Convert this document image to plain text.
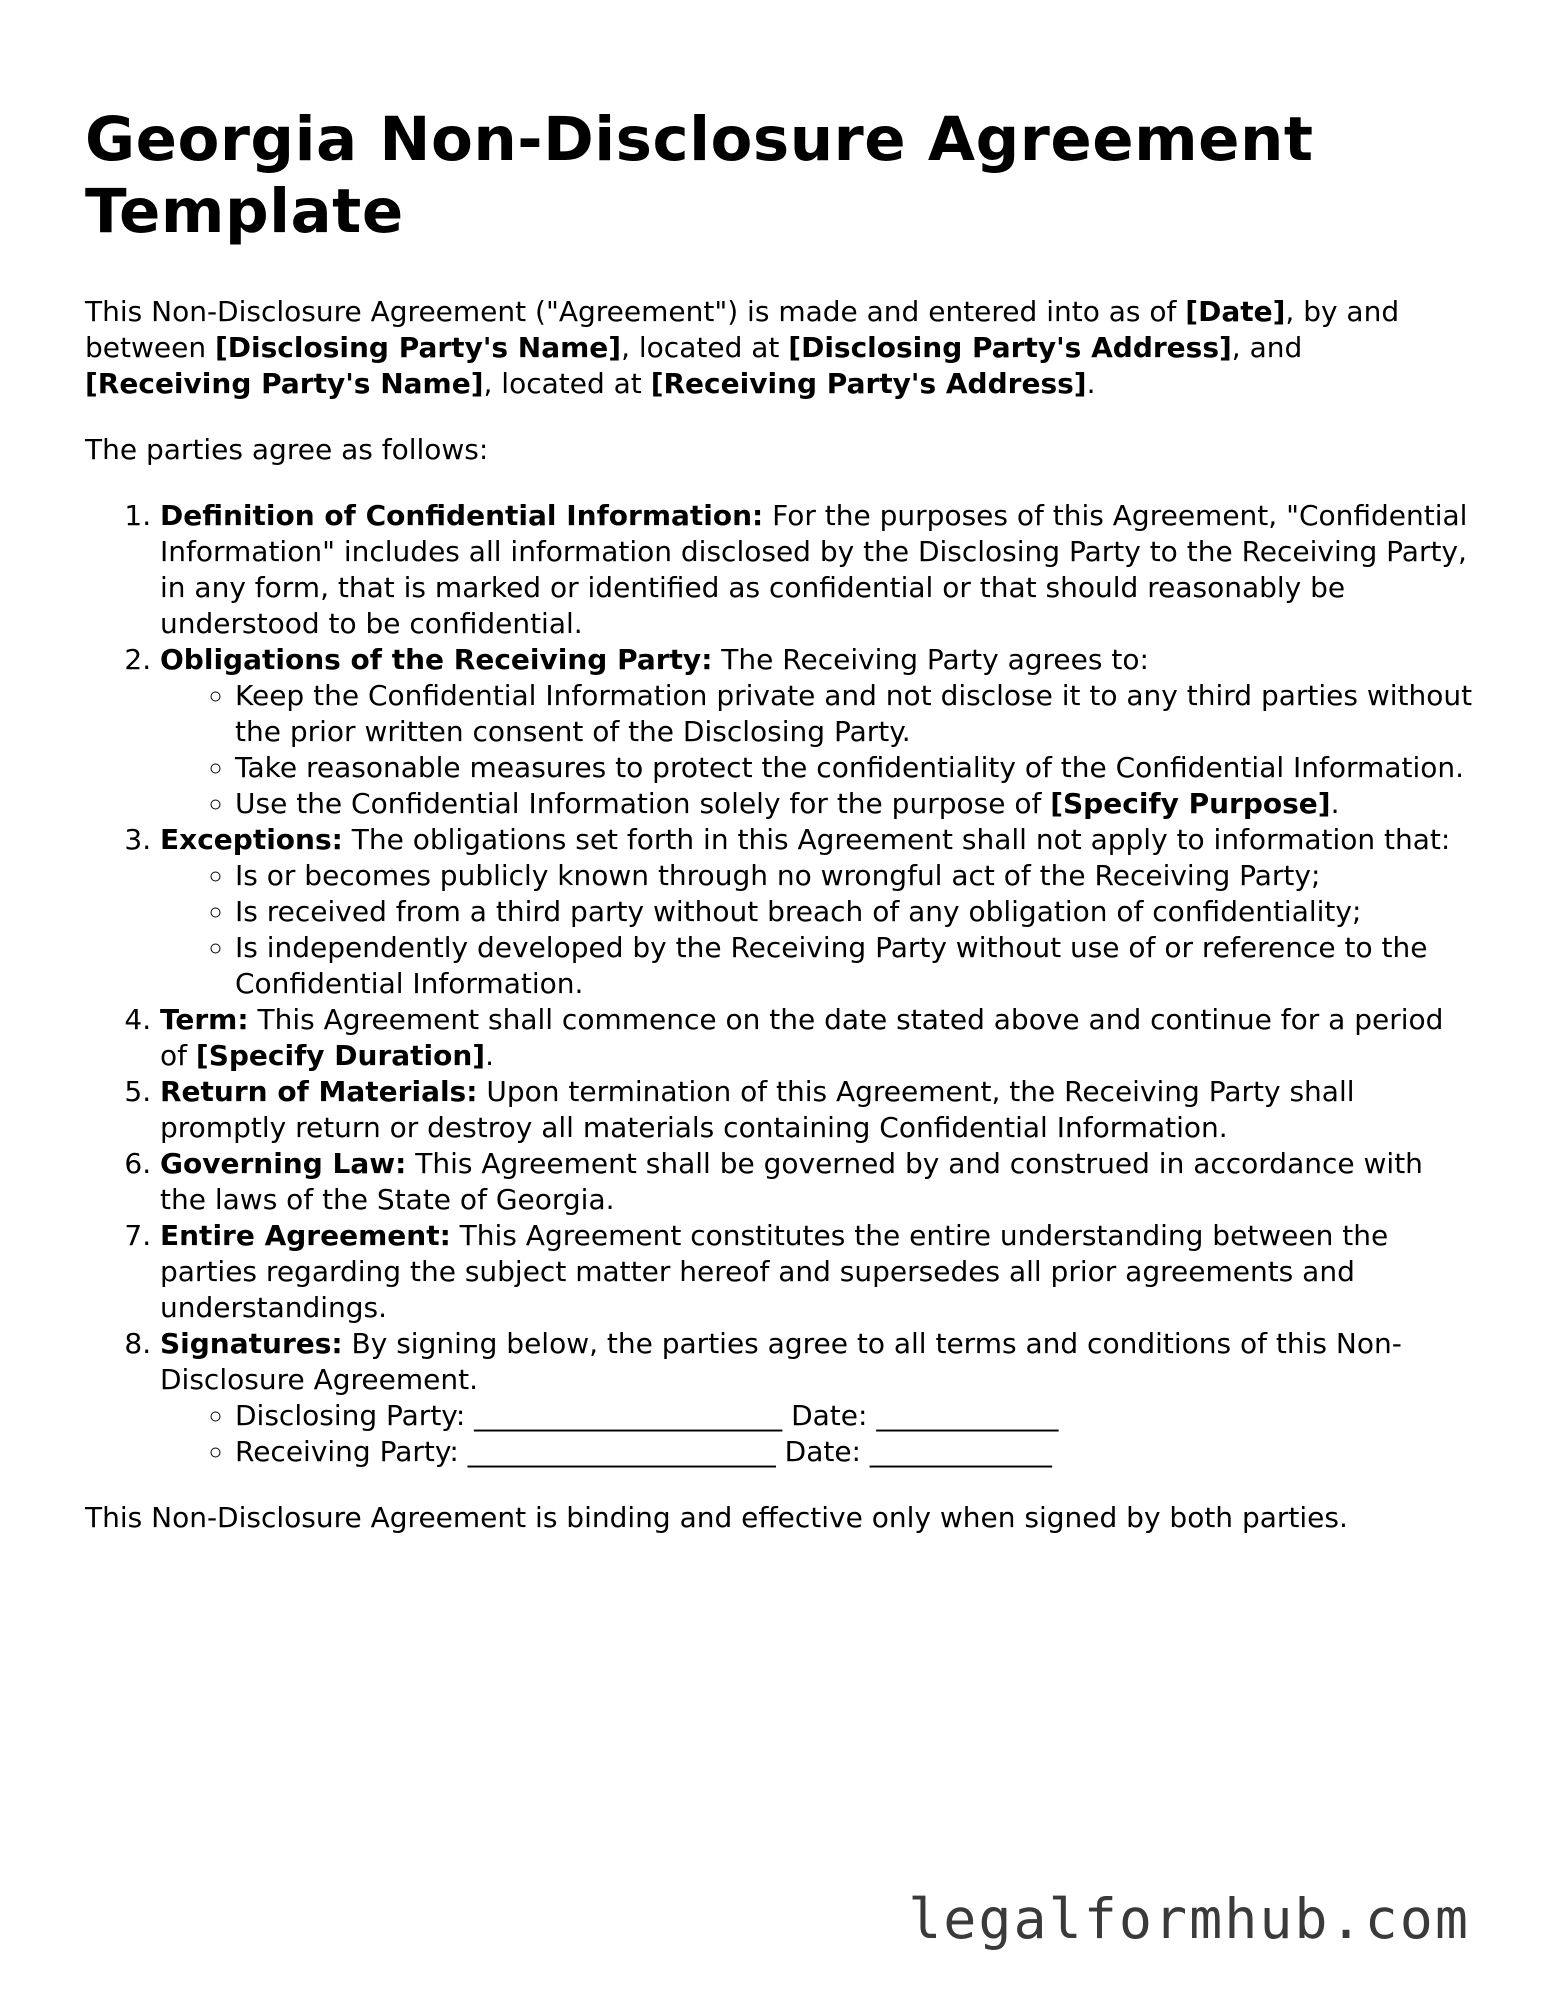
Georgia Non-Disclosure Agreement Template

This Non-Disclosure Agreement ("Agreement") is made and entered into as of [Date], by and between [Disclosing Party's Name], located at [Disclosing Party's Address], and [Receiving Party's Name], located at [Receiving Party's Address].

The parties agree as follows:

1. Definition of Confidential Information: For the purposes of this Agreement, "Confidential Information" includes all information disclosed by the Disclosing Party to the Receiving Party, in any form, that is marked or identified as confidential or that should reasonably be understood to be confidential.
2. Obligations of the Receiving Party: The Receiving Party agrees to:
◦ Keep the Confidential Information private and not disclose it to any third parties without the prior written consent of the Disclosing Party.
◦ Take reasonable measures to protect the confidentiality of the Confidential Information.
◦ Use the Confidential Information solely for the purpose of [Specify Purpose].
3. Exceptions: The obligations set forth in this Agreement shall not apply to information that:
◦ Is or becomes publicly known through no wrongful act of the Receiving Party;
◦ Is received from a third party without breach of any obligation of confidentiality;
◦ Is independently developed by the Receiving Party without use of or reference to the Confidential Information.
4. Term: This Agreement shall commence on the date stated above and continue for a period of [Specify Duration].
5. Return of Materials: Upon termination of this Agreement, the Receiving Party shall promptly return or destroy all materials containing Confidential Information.
6. Governing Law: This Agreement shall be governed by and construed in accordance with the laws of the State of Georgia.
7. Entire Agreement: This Agreement constitutes the entire understanding between the parties regarding the subject matter hereof and supersedes all prior agreements and understandings.
8. Signatures: By signing below, the parties agree to all terms and conditions of this Non-Disclosure Agreement.
◦ Disclosing Party: ______________________ Date: _____________
◦ Receiving Party: ______________________ Date: _____________

This Non-Disclosure Agreement is binding and effective only when signed by both parties.

legalformhub.com
